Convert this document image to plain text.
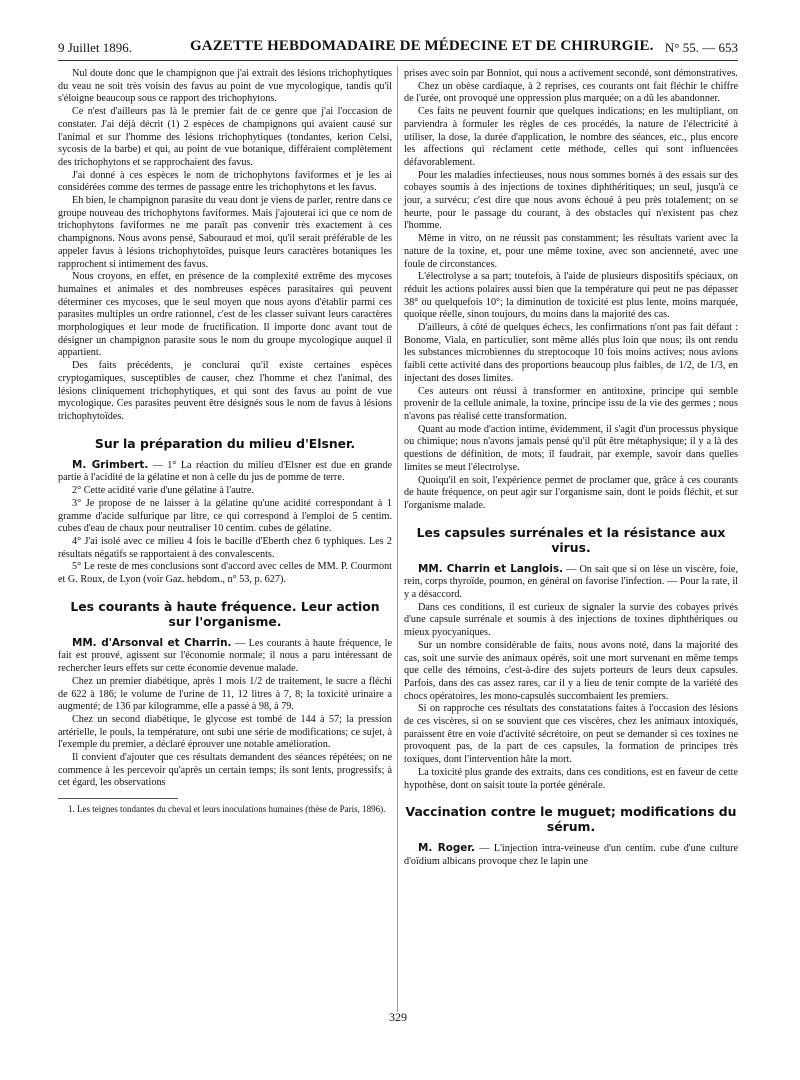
9 Juillet 1896.	GAZETTE HEBDOMADAIRE DE MÉDECINE ET DE CHIRURGIE. N° 55. — 653

Nul doute donc que le champignon que j'ai extrait des lésions trichophytiques du veau ne soit très voisin des favus au point de vue mycologique, tandis qu'il s'éloigne beaucoup sous ce rapport des trichophytons.

Ce n'est d'ailleurs pas là le premier fait de ce genre que j'ai l'occasion de constater. J'ai déjà décrit (1) 2 espèces de champignons qui avaient causé sur l'animal et sur l'homme des lésions trichophytiques (tondantes, kerion Celsi, sycosis de la barbe) et qui, au point de vue botanique, différaient complètement des trichophytons et se rapprochaient des favus.

J'ai donné à ces espèces le nom de trichophytons faviformes et je les ai considérées comme des termes de passage entre les trichophytons et les favus.

Eh bien, le champignon parasite du veau dont je viens de parler, rentre dans ce groupe nouveau des trichophytons faviformes. Mais j'ajouterai ici que ce nom de trichophytons faviformes ne me paraît pas convenir très exactement à ces champignons. Nous avons pensé, Sabouraud et moi, qu'il serait préférable de les appeler favus à lésions trichophytoïdes, puisque leurs caractères botaniques les rapprochent si intimement des favus.

Nous croyons, en effet, en présence de la complexité extrême des mycoses humaines et animales et des nombreuses espèces parasitaires qui peuvent déterminer ces mycoses, que le seul moyen que nous ayons d'établir parmi ces parasites multiples un ordre rationnel, c'est de les classer suivant leurs caractères morphologiques et leur mode de fructification. Il importe donc avant tout de désigner un champignon parasite sous le nom du groupe mycologique auquel il appartient.

Des faits précédents, je conclurai qu'il existe certaines espèces cryptogamiques, susceptibles de causer, chez l'homme et chez l'animal, des lésions cliniquement trichophytiques, et qui sont des favus au point de vue mycologique. Ces parasites peuvent être désignés sous le nom de favus à lésions trichophytoïdes.

Sur la préparation du milieu d'Elsner.

M. Grimbert. — 1° La réaction du milieu d'Elsner est due en grande partie à l'acidité de la gélatine et non à celle du jus de pomme de terre.

2° Cette acidité varie d'une gélatine à l'autre.

3° Je propose de ne laisser à la gélatine qu'une acidité correspondant à 1 gramme d'acide sulfurique par litre, ce qui correspond à l'emploi de 5 centim. cubes d'eau de chaux pour neutraliser 10 centim. cubes de gélatine.

4° J'ai isolé avec ce milieu 4 fois le bacille d'Eberth chez 6 typhiques. Les 2 résultats négatifs se rapportaient à des convalescents.

5° Le reste de mes conclusions sont d'accord avec celles de MM. P. Courmont et G. Roux, de Lyon (voir Gaz. hebdom., n° 53, p. 627).

Les courants à haute fréquence. Leur action sur l'organisme.

MM. d'Arsonval et Charrin. — Les courants à haute fréquence, le fait est prouvé, agissent sur l'économie normale; il nous a paru intéressant de rechercher leurs effets sur cette économie devenue malade.

Chez un premier diabétique, après 1 mois 1/2 de traitement, le sucre a fléchi de 622 à 186; le volume de l'urine de 11, 12 litres à 7, 8; la toxicité urinaire a augmenté; de 136 par kilogramme, elle a passé à 98, à 79.

Chez un second diabétique, le glycose est tombé de 144 à 57; la pression artérielle, le pouls, la température, ont subi une série de modifications; ce sujet, à l'exemple du premier, a déclaré éprouver une notable amélioration.

Il convient d'ajouter que ces résultats demandent des séances répétées; on ne commence à les percevoir qu'après un certain temps; ils sont lents, progressifs; à cet égard, les observations

1. Les teignes tondantes du cheval et leurs inoculations humaines (thèse de Paris, 1896).

prises avec soin par Bonniot, qui nous a activement secondé, sont démonstratives.

Chez un obèse cardiaque, à 2 reprises, ces courants ont fait fléchir le chiffre de l'urée, ont provoqué une oppression plus marquée; on a dû les abandonner.

Ces faits ne peuvent fournir que quelques indications; en les multipliant, on parviendra à formuler les règles de ces procédés, la nature de l'électricité à utiliser, la dose, la durée d'application, le nombre des séances, etc., plus encore les affections qui réclament cette méthode, celles qui sont influencées défavorablement.

Pour les maladies infectieuses, nous nous sommes bornés à des essais sur des cobayes soumis à des injections de toxines diphthéritiques; un seul, jusqu'à ce jour, a survécu; c'est dire que nous avons échoué à peu près totalement; on se heurte, pour le passage du courant, à des obstacles qui n'existent pas chez l'homme.

Même in vitro, on ne réussit pas constamment; les résultats varient avec la nature de la toxine, et, pour une même toxine, avec son ancienneté, avec une foule de circonstances.

L'électrolyse a sa part; toutefois, à l'aide de plusieurs dispositifs spéciaux, on réduit les actions polaires aussi bien que la température qui peut ne pas dépasser 38° ou quelquefois 10°; la diminution de toxicité est plus lente, moins marquée, quoique réelle, sinon toujours, du moins dans la majorité des cas.

D'ailleurs, à côté de quelques échecs, les confirmations n'ont pas fait défaut : Bonome, Viala, en particulier, sont même allés plus loin que nous; ils ont rendu les substances microbiennes du streptocoque 10 fois moins actives; nous avions faibli cette activité dans des proportions beaucoup plus faibles, de 1/2, de 1/3, en injectant des doses limites.

Ces auteurs ont réussi à transformer en antitoxine, principe qui semble provenir de la cellule animale, la toxine, principe issu de la vie des germes ; nous n'avons pas réalisé cette transformation.

Quant au mode d'action intime, évidemment, il s'agit d'un processus physique ou chimique; nous n'avons jamais pensé qu'il pût être métaphysique; il y a là des questions de définition, de mots; il faudrait, par exemple, savoir dans quelles limites se meut l'électrolyse.

Quoiqu'il en soit, l'expérience permet de proclamer que, grâce à ces courants de haute fréquence, on peut agir sur l'organisme sain, dont le poids fléchit, et sur l'organisme malade.

Les capsules surrénales et la résistance aux virus.

MM. Charrin et Langlois. — On sait que si on lèse un viscère, foie, rein, corps thyroïde, poumon, en général on favorise l'infection. — Pour la rate, il y a désaccord.

Dans ces conditions, il est curieux de signaler la survie des cobayes privés d'une capsule surrénale et soumis à des injections de toxines diphthériques ou mieux pyocyaniques.

Sur un nombre considérable de faits, nous avons noté, dans la majorité des cas, soit une survie des animaux opérés, soit une mort survenant en même temps que celle des témoins, c'est-à-dire des sujets porteurs de leurs deux capsules. Parfois, dans des cas assez rares, car il y a lieu de tenir compte de la variété des chocs opératoires, les mono-capsulés succombaient les premiers.

Si on rapproche ces résultats des constatations faites à l'occasion des lésions de ces viscères, si on se souvient que ces viscères, chez les animaux intoxiqués, paraissent être en voie d'activité sécrétoire, on peut se demander si ces toxines ne provoquent pas, de la part de ces capsules, la formation de principes très toxiques, dont l'intervention hâte la mort.

La toxicité plus grande des extraits, dans ces conditions, est en faveur de cette hypothèse, dont on saisit toute la portée générale.

Vaccination contre le muguet; modifications du sérum.

M. Roger. — L'injection intra-veineuse d'un centim. cube d'une culture d'oïdium albicans provoque chez le lapin une

329
